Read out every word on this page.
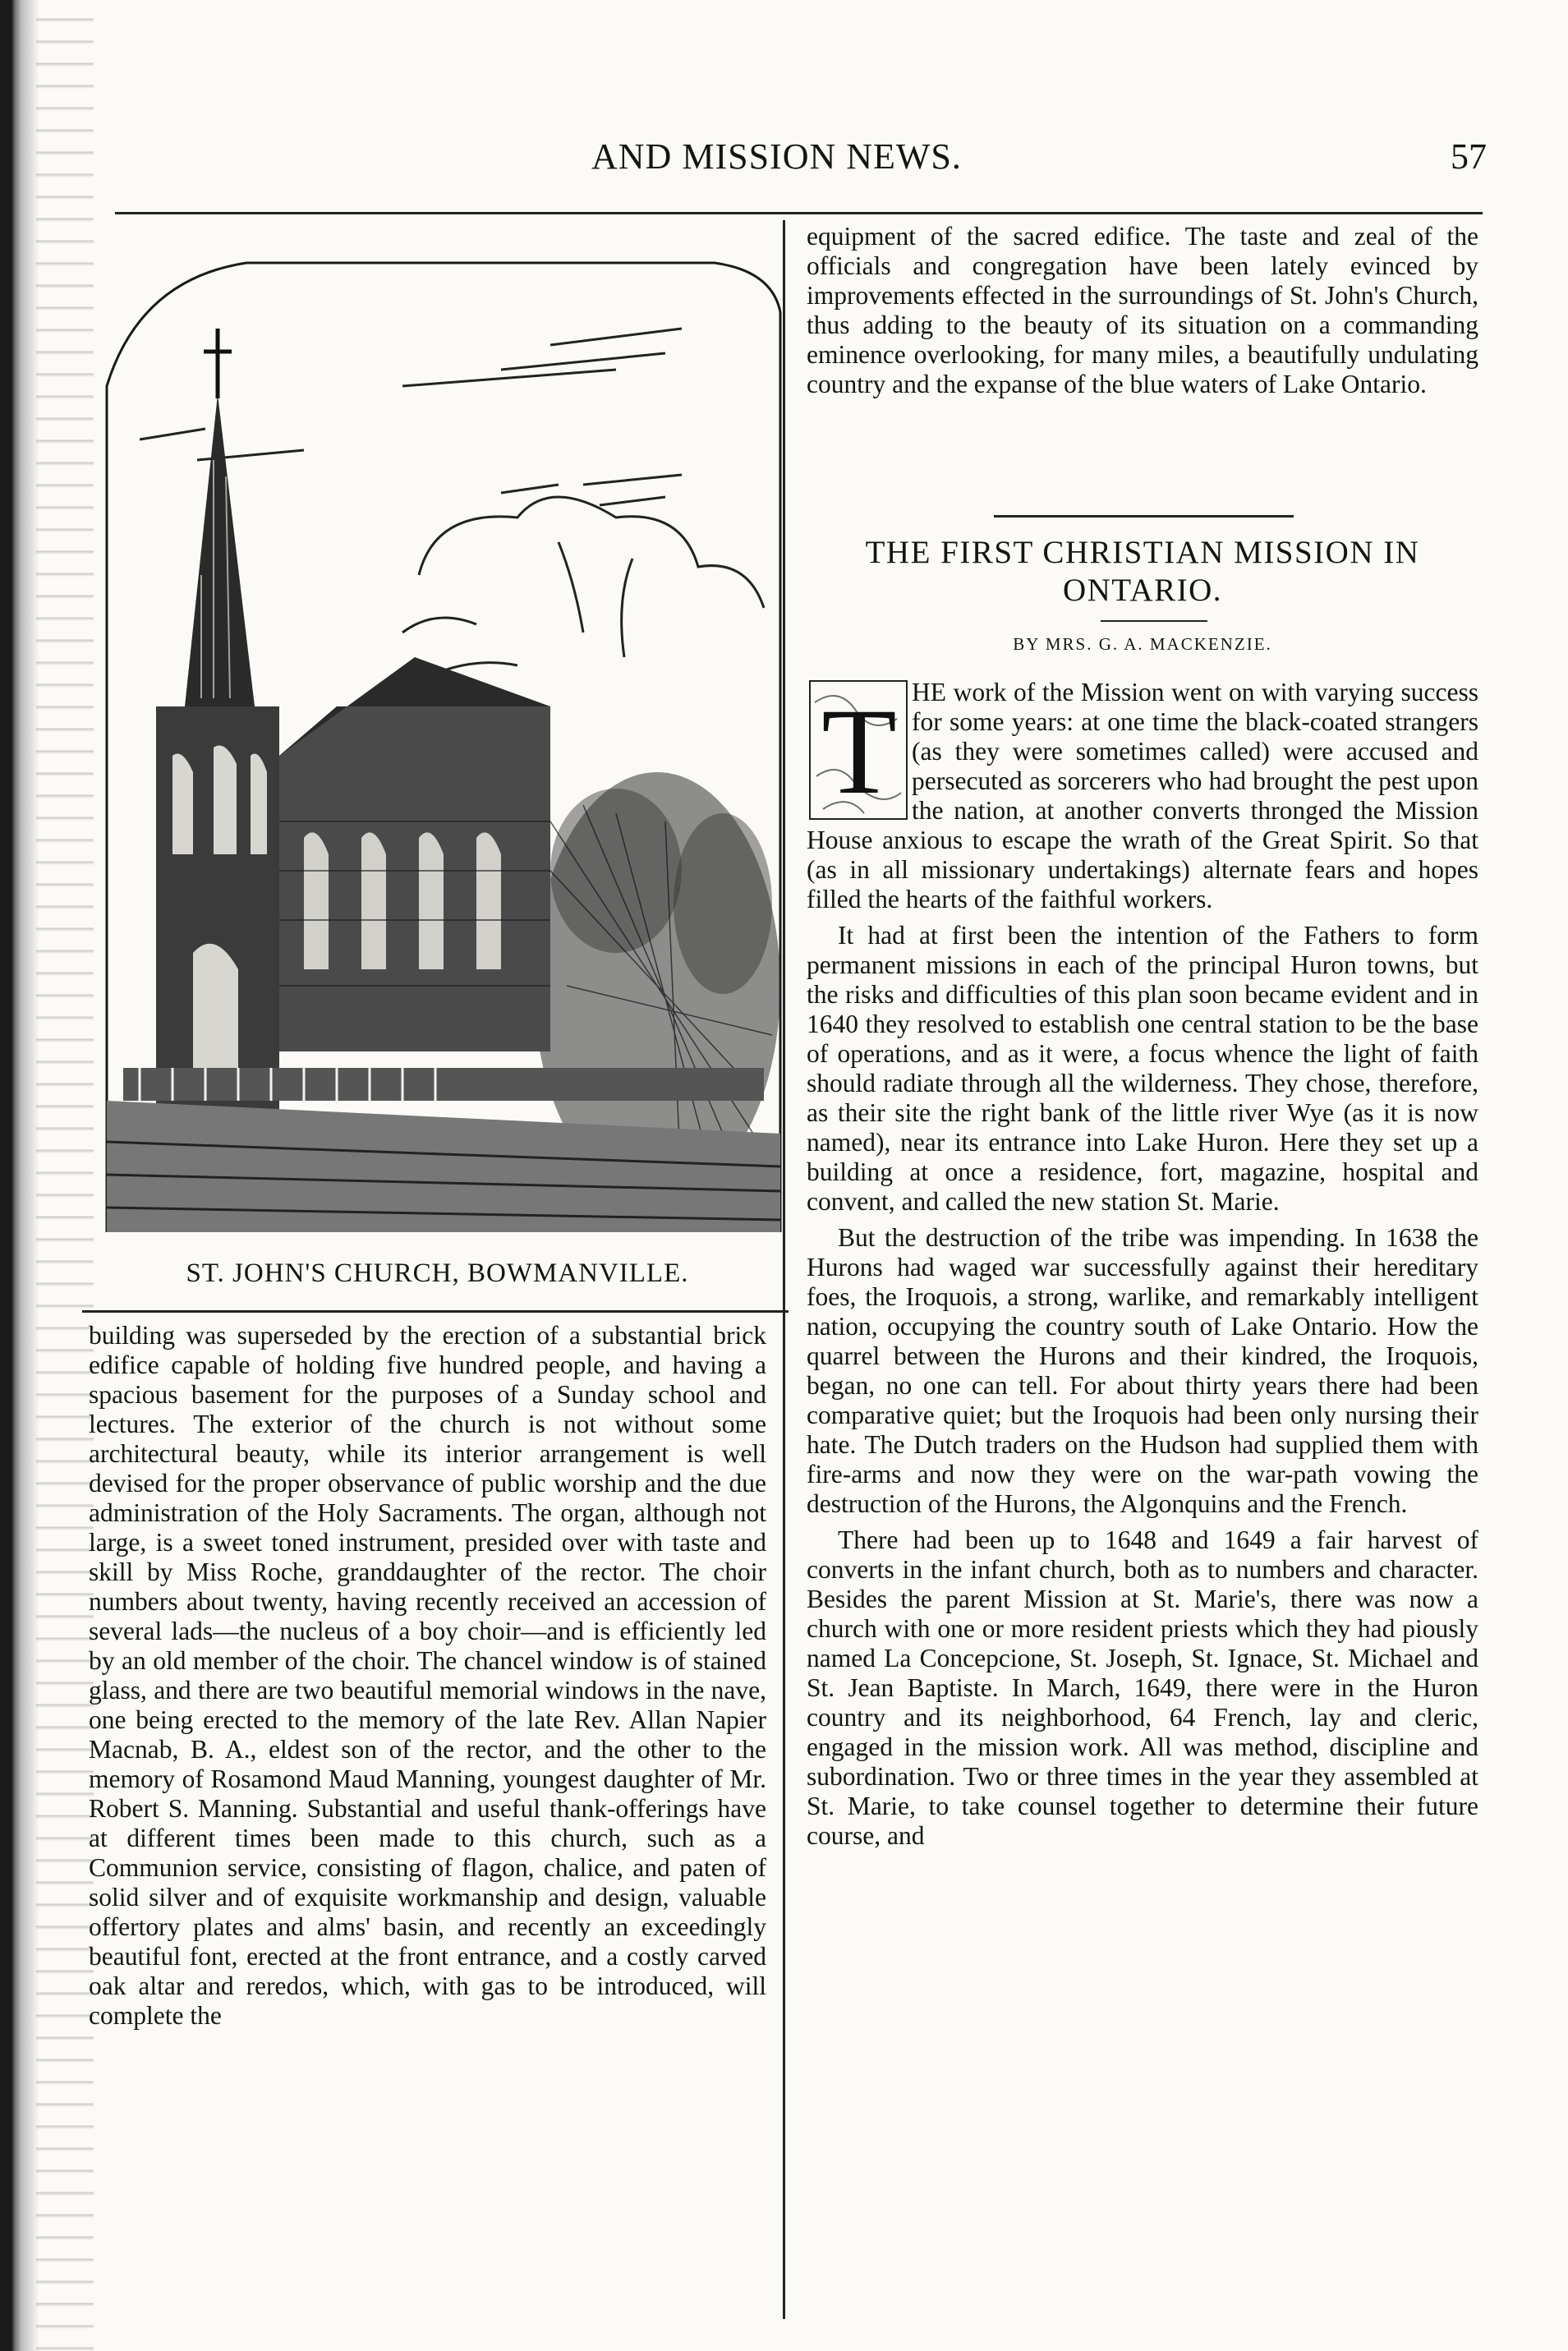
AND MISSION NEWS.	57
ST. JOHN'S CHURCH, BOWMANVILLE.

building was superseded by the erection of a substantial brick edifice capable of holding five hundred people, and having a spacious basement for the purposes of a Sunday school and lectures. The exterior of the church is not without some architectural beauty, while its interior arrangement is well devised for the proper observance of public worship and the due administration of the Holy Sacraments. The organ, although not large, is a sweet toned instrument, presided over with taste and skill by Miss Roche, granddaughter of the rector. The choir numbers about twenty, having recently received an accession of several lads—the nucleus of a boy choir—and is efficiently led by an old member of the choir. The chancel window is of stained glass, and there are two beautiful memorial windows in the nave, one being erected to the memory of the late Rev. Allan Napier Macnab, B. A., eldest son of the rector, and the other to the memory of Rosamond Maud Manning, youngest daughter of Mr. Robert S. Manning. Substantial and useful thank-offerings have at different times been made to this church, such as a Communion service, consisting of flagon, chalice, and paten of solid silver and of exquisite workmanship and design, valuable offertory plates and alms' basin, and recently an exceedingly beautiful font, erected at the front entrance, and a costly carved oak altar and reredos, which, with gas to be introduced, will complete the

equipment of the sacred edifice. The taste and zeal of the officials and congregation have been lately evinced by improvements effected in the surroundings of St. John's Church, thus adding to the beauty of its situation on a commanding eminence overlooking, for many miles, a beautifully undulating country and the expanse of the blue waters of Lake Ontario.

THE FIRST CHRISTIAN MISSION IN ONTARIO.
BY MRS. G. A. MACKENZIE.
T HE work of the Mission went on with varying success for some years: at one time the black-coated strangers (as they were sometimes called) were accused and persecuted as sorcerers who had brought the pest upon the nation, at another converts thronged the Mission House anxious to escape the wrath of the Great Spirit. So that (as in all missionary undertakings) alternate fears and hopes filled the hearts of the faithful workers.

It had at first been the intention of the Fathers to form permanent missions in each of the principal Huron towns, but the risks and difficulties of this plan soon became evident and in 1640 they resolved to establish one central station to be the base of operations, and as it were, a focus whence the light of faith should radiate through all the wilderness. They chose, therefore, as their site the right bank of the little river Wye (as it is now named), near its entrance into Lake Huron. Here they set up a building at once a residence, fort, magazine, hospital and convent, and called the new station St. Marie.

But the destruction of the tribe was impending. In 1638 the Hurons had waged war successfully against their hereditary foes, the Iroquois, a strong, warlike, and remarkably intelligent nation, occupying the country south of Lake Ontario. How the quarrel between the Hurons and their kindred, the Iroquois, began, no one can tell. For about thirty years there had been comparative quiet; but the Iroquois had been only nursing their hate. The Dutch traders on the Hudson had supplied them with fire-arms and now they were on the war-path vowing the destruction of the Hurons, the Algonquins and the French.

There had been up to 1648 and 1649 a fair harvest of converts in the infant church, both as to numbers and character. Besides the parent Mission at St. Marie's, there was now a church with one or more resident priests which they had piously named La Concepcione, St. Joseph, St. Ignace, St. Michael and St. Jean Baptiste. In March, 1649, there were in the Huron country and its neighborhood, 64 French, lay and cleric, engaged in the mission work. All was method, discipline and subordination. Two or three times in the year they assembled at St. Marie, to take counsel together to determine their future course, and
